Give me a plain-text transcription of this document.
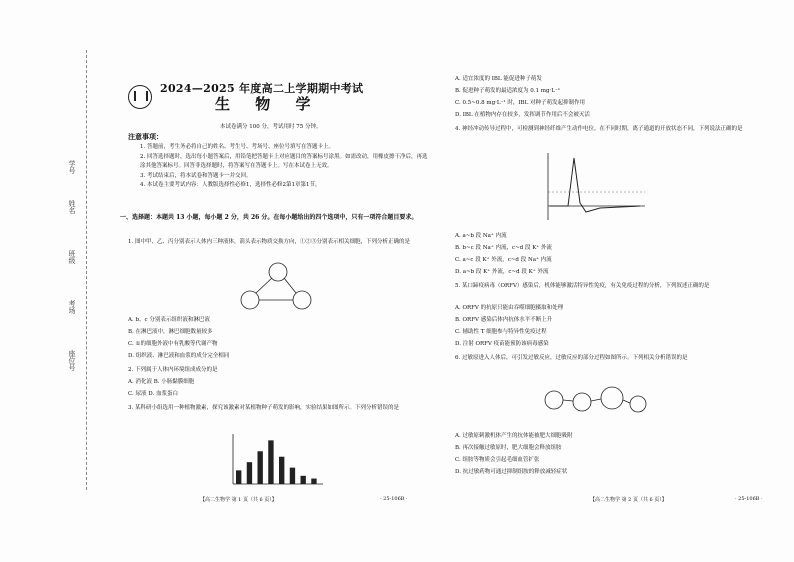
学号
姓名
班级
考场
座位号
2024—2025 年度高二上学期期中考试
生 物 学
本试卷满分 100 分，考试用时 75 分钟。
注意事项：
1. 答题前，考生务必将自己的姓名、考生号、考场号、座位号填写在答题卡上。
2. 回答选择题时，选出每小题答案后，用铅笔把答题卡上对应题目的答案标号涂黑。如需改动，用橡皮擦干净后，再选涂其他答案标号。回答非选择题时，将答案写在答题卡上。写在本试卷上无效。
3. 考试结束后，将本试卷和答题卡一并交回。
4. 本试卷主要考试内容：人教版选择性必修1，选择性必修2第1章第1节。
一、选择题：本题共 13 小题，每小题 2 分，共 26 分。在每小题给出的四个选项中，只有一项符合题目要求。
1. 图中甲、乙、丙分别表示人体内三种液体，箭头表示物质交换方向，①②③分别表示相关细胞，下列分析正确的是
A. b、c 分别表示组织液和淋巴液
B. 在淋巴液中，淋巴细胞数量较多
C. ①的细胞外液中有乳酸等代谢产物
D. 组织液、淋巴液和血浆的成分完全相同
2. 下列属于人体内环境组成成分的是
A. 消化液 B. 小肠黏膜细胞
C. 尿液 D. 血浆蛋白
3. 某科研小组选用一种植物激素，探究该激素对某植物种子萌发的影响，实验结果如图所示。下列分析错误的是
【高二生物学 第 1 页（共 6 页）】	· 25-106B ·
A. 适宜浓度的 IBL 能促进种子萌发
B. 促进种子萌发的最适浓度为 0.1 mg·L⁻¹
C. 0.5~0.8 mg·L⁻¹ 时，IBL 对种子萌发起抑制作用
D. IBL 在植物内存在较多，发挥调节作用后不会被灭活
4. 神经冲动传导过程中，可检测到神经纤维产生动作电位。在不同时期，离子通道的开放状态不同，下列说法正确的是
A. a~b 段 Na⁺ 内流
B. b~c 段 Na⁺ 内流，c~d 段 K⁺ 外流
C. a~c 段 K⁺ 外流，c~d 段 Na⁺ 内流
D. a~b 段 K⁺ 外流，c~d 段 K⁺ 外流
5. 某口蹄疫病毒（ORFV）感染后，机体能够激活特异性免疫，有关免疫过程的分析，下列叙述正确的是
A. ORFV 的抗原只能由吞噬细胞摄取和处理
B. ORFV 感染后体内抗体水平不断上升
C. 辅助性 T 细胞参与特异性免疫过程
D. 注射 ORFV 疫苗能预防该病毒感染
6. 过敏原进入人体后，可引发过敏反应，过敏反应的部分过程如图所示。下列相关分析错误的是
A. 过敏原刺激机体产生的抗体能被肥大细胞吸附
B. 再次接触过敏原时，肥大细胞会释放组胺
C. 组胺等物质会引起毛细血管扩张
D. 抗过敏药物可通过抑制组胺的释放减轻症状
【高二生物学 第 2 页（共 6 页）】	· 25-106B ·
